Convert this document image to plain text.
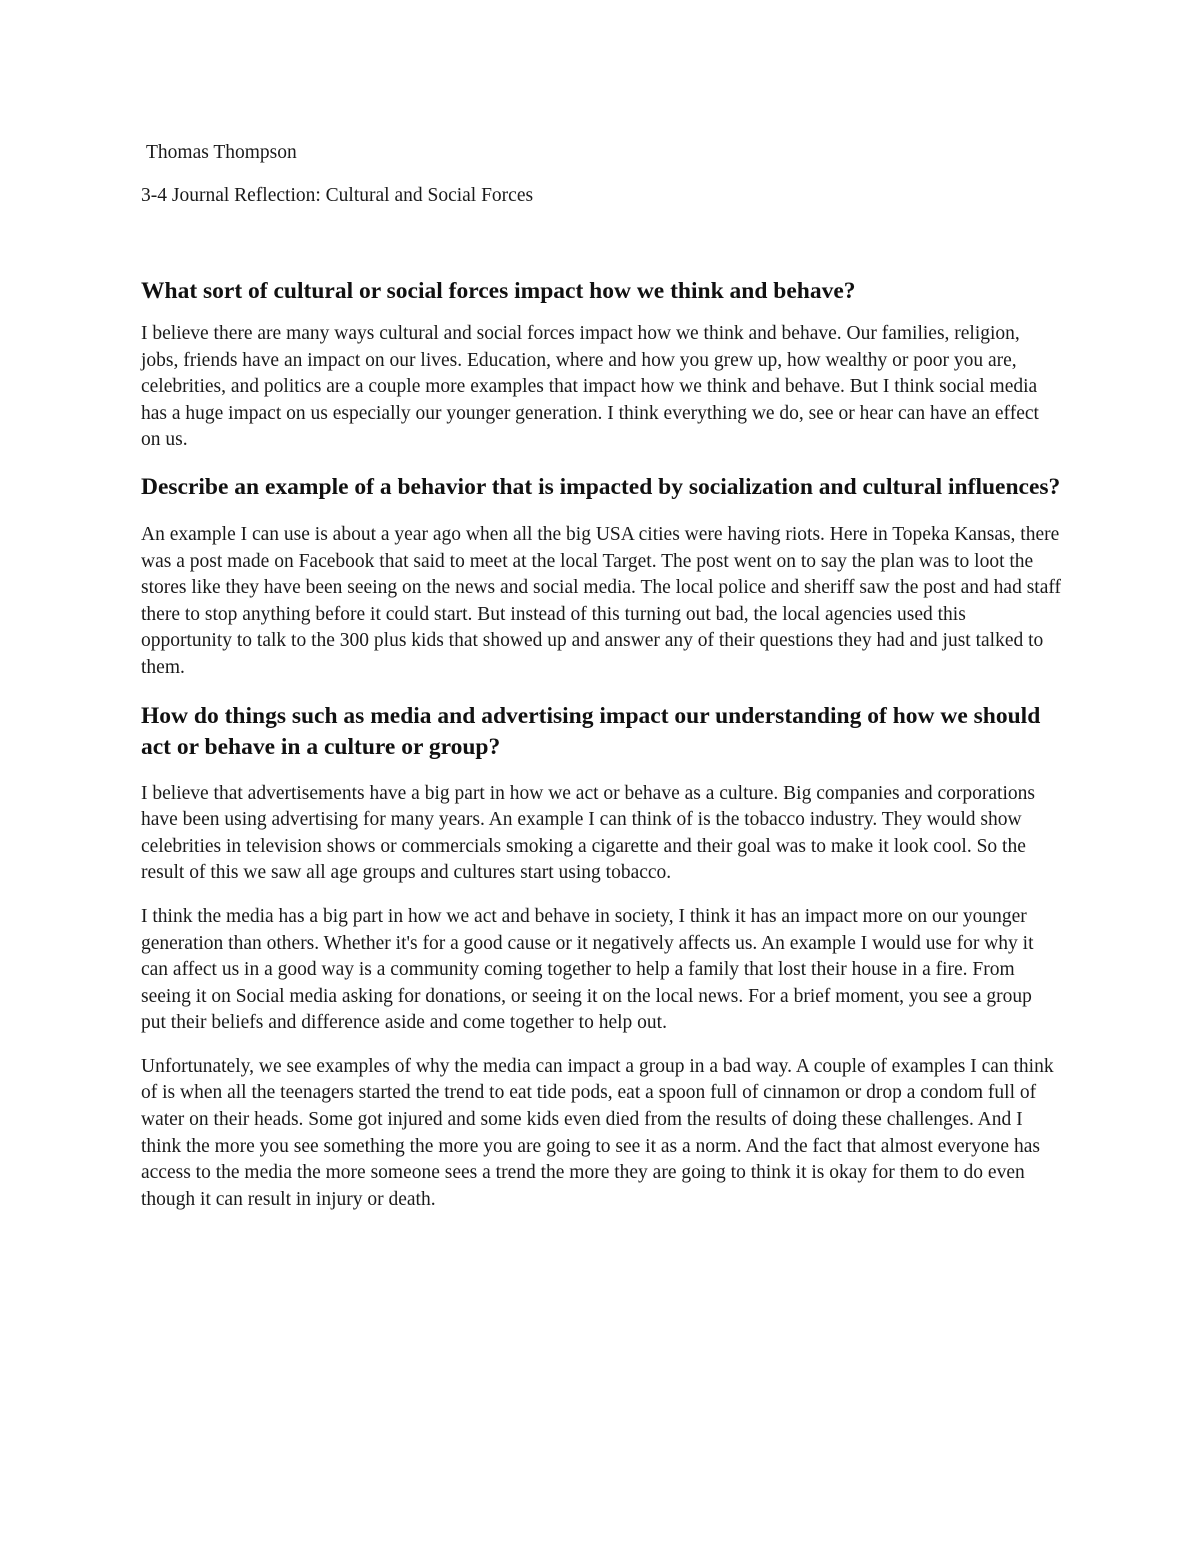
Thomas Thompson

3-4 Journal Reflection: Cultural and Social Forces

What sort of cultural or social forces impact how we think and behave?

I believe there are many ways cultural and social forces impact how we think and behave. Our families, religion, jobs, friends have an impact on our lives. Education, where and how you grew up, how wealthy or poor you are, celebrities, and politics are a couple more examples that impact how we think and behave. But I think social media has a huge impact on us especially our younger generation. I think everything we do, see or hear can have an effect on us.

Describe an example of a behavior that is impacted by socialization and cultural influences?

An example I can use is about a year ago when all the big USA cities were having riots. Here in Topeka Kansas, there was a post made on Facebook that said to meet at the local Target. The post went on to say the plan was to loot the stores like they have been seeing on the news and social media. The local police and sheriff saw the post and had staff there to stop anything before it could start. But instead of this turning out bad, the local agencies used this opportunity to talk to the 300 plus kids that showed up and answer any of their questions they had and just talked to them.

How do things such as media and advertising impact our understanding of how we should act or behave in a culture or group?

I believe that advertisements have a big part in how we act or behave as a culture. Big companies and corporations have been using advertising for many years. An example I can think of is the tobacco industry. They would show celebrities in television shows or commercials smoking a cigarette and their goal was to make it look cool. So the result of this we saw all age groups and cultures start using tobacco.

I think the media has a big part in how we act and behave in society, I think it has an impact more on our younger generation than others. Whether it's for a good cause or it negatively affects us. An example I would use for why it can affect us in a good way is a community coming together to help a family that lost their house in a fire. From seeing it on Social media asking for donations, or seeing it on the local news. For a brief moment, you see a group put their beliefs and difference aside and come together to help out.

Unfortunately, we see examples of why the media can impact a group in a bad way. A couple of examples I can think of is when all the teenagers started the trend to eat tide pods, eat a spoon full of cinnamon or drop a condom full of water on their heads. Some got injured and some kids even died from the results of doing these challenges. And I think the more you see something the more you are going to see it as a norm. And the fact that almost everyone has access to the media the more someone sees a trend the more they are going to think it is okay for them to do even though it can result in injury or death.
